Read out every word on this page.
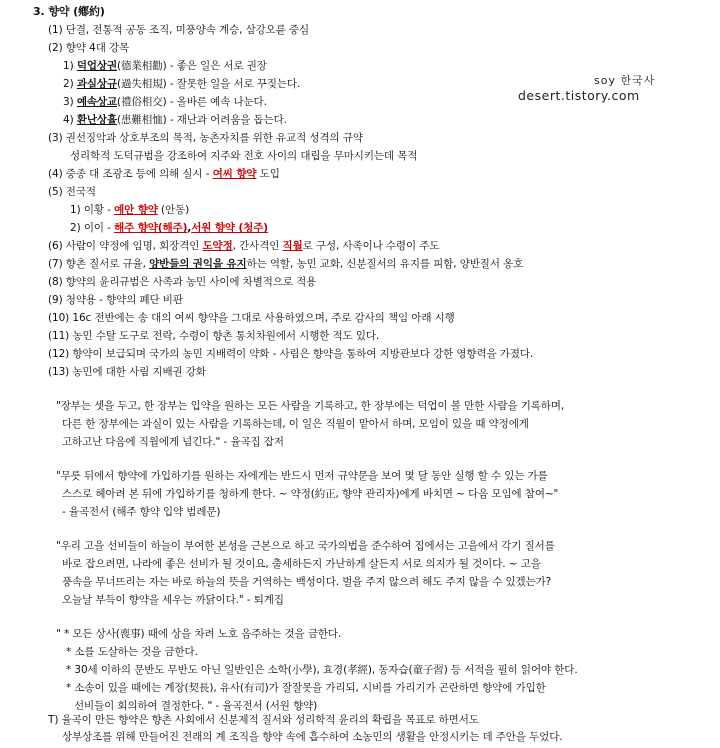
soy 한국사
desert.tistory.com
3. 향약 (鄕約)
(1) 단결, 전통적 공동 조직, 미풍양속 계승, 삼강오륜 중심
(2) 향약 4대 강목
1) 덕업상권(德業相勸) - 좋은 일은 서로 권장
2) 과실상규(過失相規) - 잘못한 일을 서로 꾸짖는다.
3) 예속상교(禮俗相交) - 올바른 예속 나눈다.
4) 환난상휼(患難相恤) - 재난과 어려움을 돕는다.
(3) 권선징악과 상호부조의 목적, 농촌자치를 위한 유교적 성격의 규약
성리학적 도덕규범을 강조하여 지주와 전호 사이의 대립을 무마시키는데 목적
(4) 중종 대 조광조 등에 의해 실시 - 여씨 향약 도입
(5) 전국적
1) 이황 - 예안 향약 (안동)
2) 이이 - 해주 향약(해주),서원 향약 (청주)
(6) 사람이 약정에 임명, 회장격인 도약정, 간사격인 직월로 구성, 사족이나 수령이 주도
(7) 향촌 질서로 규율, 양반들의 권익을 유지하는 역할, 농민 교화, 신분질서의 유지를 피함, 양반질서 옹호
(8) 향약의 윤리규범은 사족과 농민 사이에 차별적으로 적용
(9) 청약용 - 향약의 폐단 비판
(10) 16c 전반에는 송 대의 여씨 향약을 그대로 사용하였으며, 주로 감사의 책임 아래 시행
(11) 농민 수탈 도구로 전락, 수령이 향촌 통치차원에서 시행한 적도 있다.
(12) 향약이 보급되며 국가의 농민 지배력이 약화 - 사림은 향약을 통하여 지방관보다 강한 영향력을 가졌다.
(13) 농민에 대한 사림 지배권 강화
"장부는 셋을 두고, 한 장부는 입약을 원하는 모든 사람을 기록하고, 한 장부에는 덕업이 볼 만한 사람을 기록하며,
다른 한 장부에는 과실이 있는 사람을 기록하는데, 이 일은 직월이 맡아서 하며, 모임이 있을 때 약정에게
고하고난 다음에 직월에게 넘긴다." - 율곡집 잡저
"무릇 뒤에서 향약에 가입하기를 원하는 자에게는 반드시 먼저 규약문을 보여 몇 달 동안 실행 할 수 있는 가를
스스로 헤아려 본 뒤에 가입하기를 청하게 한다. ~ 약정(約正, 향약 관리자)에게 바치면 ~ 다음 모임에 참여~"
- 율곡전서 (해주 향약 입약 범례문)
"우리 고을 선비들이 하늘이 부여한 본성을 근본으로 하고 국가의법을 준수하여 집에서는 고을에서 각기 질서를
바로 잡으려면, 나라에 좋은 선비가 될 것이요, 출세하든지 가난하게 살든지 서로 의지가 될 것이다. ~ 고을
풍속을 무너뜨리는 자는 바로 하늘의 뜻을 거역하는 백성이다. 벌을 주지 않으려 해도 주지 않을 수 있겠는가?
오늘날 부득이 향약을 세우는 까닭이다." - 퇴계집
" * 모든 상사(喪事) 때에 상을 차려 노호 음주하는 것을 금한다.
* 소를 도살하는 것을 금한다.
* 30세 이하의 문반도 무반도 아닌 일반인은 소학(小學), 효경(孝經), 동자습(童子習) 등 서적을 필히 읽어야 한다.
* 소송이 있을 때에는 계장(契長), 유사(有司)가 잘잘못을 가리되, 시비를 가리기가 곤란하면 향약에 가입한
선비들이 회의하여 결정한다. " - 율곡전서 (서원 향약)
T) 율곡이 만든 향약은 향촌 사회에서 신분제적 질서와 성리학적 윤리의 확립을 목표로 하면서도
상부상조를 위해 만들어진 전래의 계 조직을 향약 속에 흡수하여 소농민의 생활을 안정시키는 데 주안을 두었다.
